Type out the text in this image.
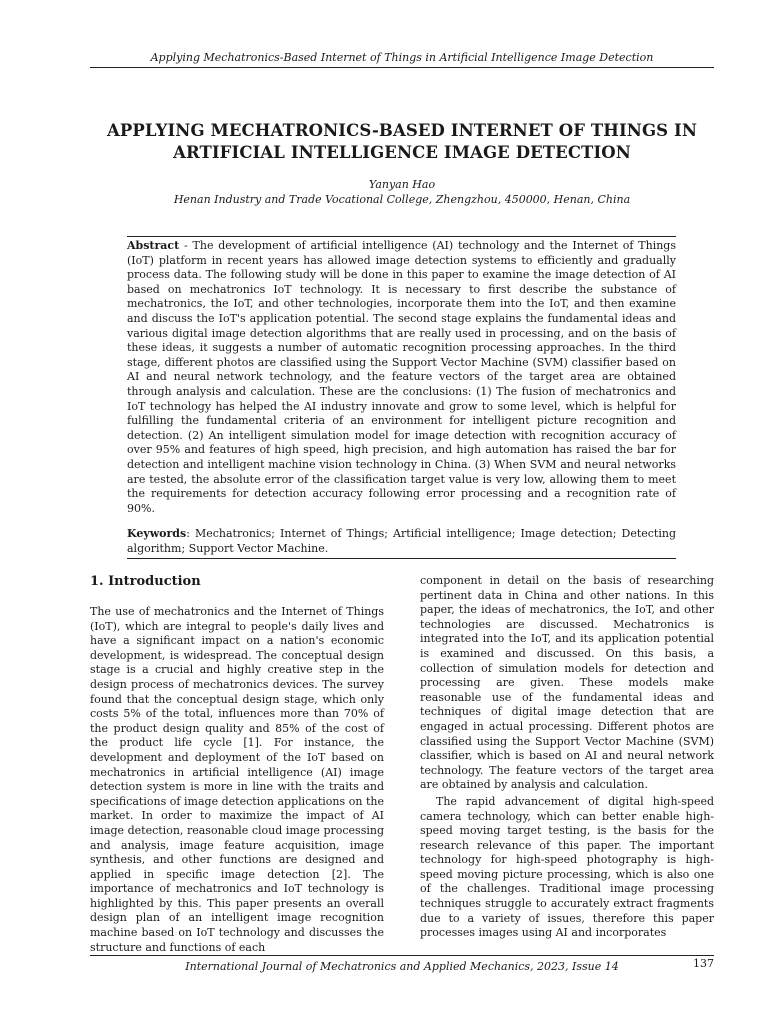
Applying Mechatronics-Based Internet of Things in Artificial Intelligence Image Detection
APPLYING MECHATRONICS-BASED INTERNET OF THINGS IN ARTIFICIAL INTELLIGENCE IMAGE DETECTION
Yanyan Hao
Henan Industry and Trade Vocational College, Zhengzhou, 450000, Henan, China

Abstract - The development of artificial intelligence (AI) technology and the Internet of Things (IoT) platform in recent years has allowed image detection systems to efficiently and gradually process data. The following study will be done in this paper to examine the image detection of AI based on mechatronics IoT technology. It is necessary to first describe the substance of mechatronics, the IoT, and other technologies, incorporate them into the IoT, and then examine and discuss the IoT's application potential. The second stage explains the fundamental ideas and various digital image detection algorithms that are really used in processing, and on the basis of these ideas, it suggests a number of automatic recognition processing approaches. In the third stage, different photos are classified using the Support Vector Machine (SVM) classifier based on AI and neural network technology, and the feature vectors of the target area are obtained through analysis and calculation. These are the conclusions: (1) The fusion of mechatronics and IoT technology has helped the AI industry innovate and grow to some level, which is helpful for fulfilling the fundamental criteria of an environment for intelligent picture recognition and detection. (2) An intelligent simulation model for image detection with recognition accuracy of over 95% and features of high speed, high precision, and high automation has raised the bar for detection and intelligent machine vision technology in China. (3) When SVM and neural networks are tested, the absolute error of the classification target value is very low, allowing them to meet the requirements for detection accuracy following error processing and a recognition rate of 90%.

Keywords: Mechatronics; Internet of Things; Artificial intelligence; Image detection; Detecting algorithm; Support Vector Machine.

1. Introduction

The use of mechatronics and the Internet of Things (IoT), which are integral to people's daily lives and have a significant impact on a nation's economic development, is widespread. The conceptual design stage is a crucial and highly creative step in the design process of mechatronics devices. The survey found that the conceptual design stage, which only costs 5% of the total, influences more than 70% of the product design quality and 85% of the cost of the product life cycle [1]. For instance, the development and deployment of the IoT based on mechatronics in artificial intelligence (AI) image detection system is more in line with the traits and specifications of image detection applications on the market. In order to maximize the impact of AI image detection, reasonable cloud image processing and analysis, image feature acquisition, image synthesis, and other functions are designed and applied in specific image detection [2]. The importance of mechatronics and IoT technology is highlighted by this. This paper presents an overall design plan of an intelligent image recognition machine based on IoT technology and discusses the structure and functions of each

component in detail on the basis of researching pertinent data in China and other nations. In this paper, the ideas of mechatronics, the IoT, and other technologies are discussed. Mechatronics is integrated into the IoT, and its application potential is examined and discussed. On this basis, a collection of simulation models for detection and processing are given. These models make reasonable use of the fundamental ideas and techniques of digital image detection that are engaged in actual processing. Different photos are classified using the Support Vector Machine (SVM) classifier, which is based on AI and neural network technology. The feature vectors of the target area are obtained by analysis and calculation.

The rapid advancement of digital high-speed camera technology, which can better enable high-speed moving target testing, is the basis for the research relevance of this paper. The important technology for high-speed photography is high-speed moving picture processing, which is also one of the challenges. Traditional image processing techniques struggle to accurately extract fragments due to a variety of issues, therefore this paper processes images using AI and incorporates

International Journal of Mechatronics and Applied Mechanics, 2023, Issue 14	137
